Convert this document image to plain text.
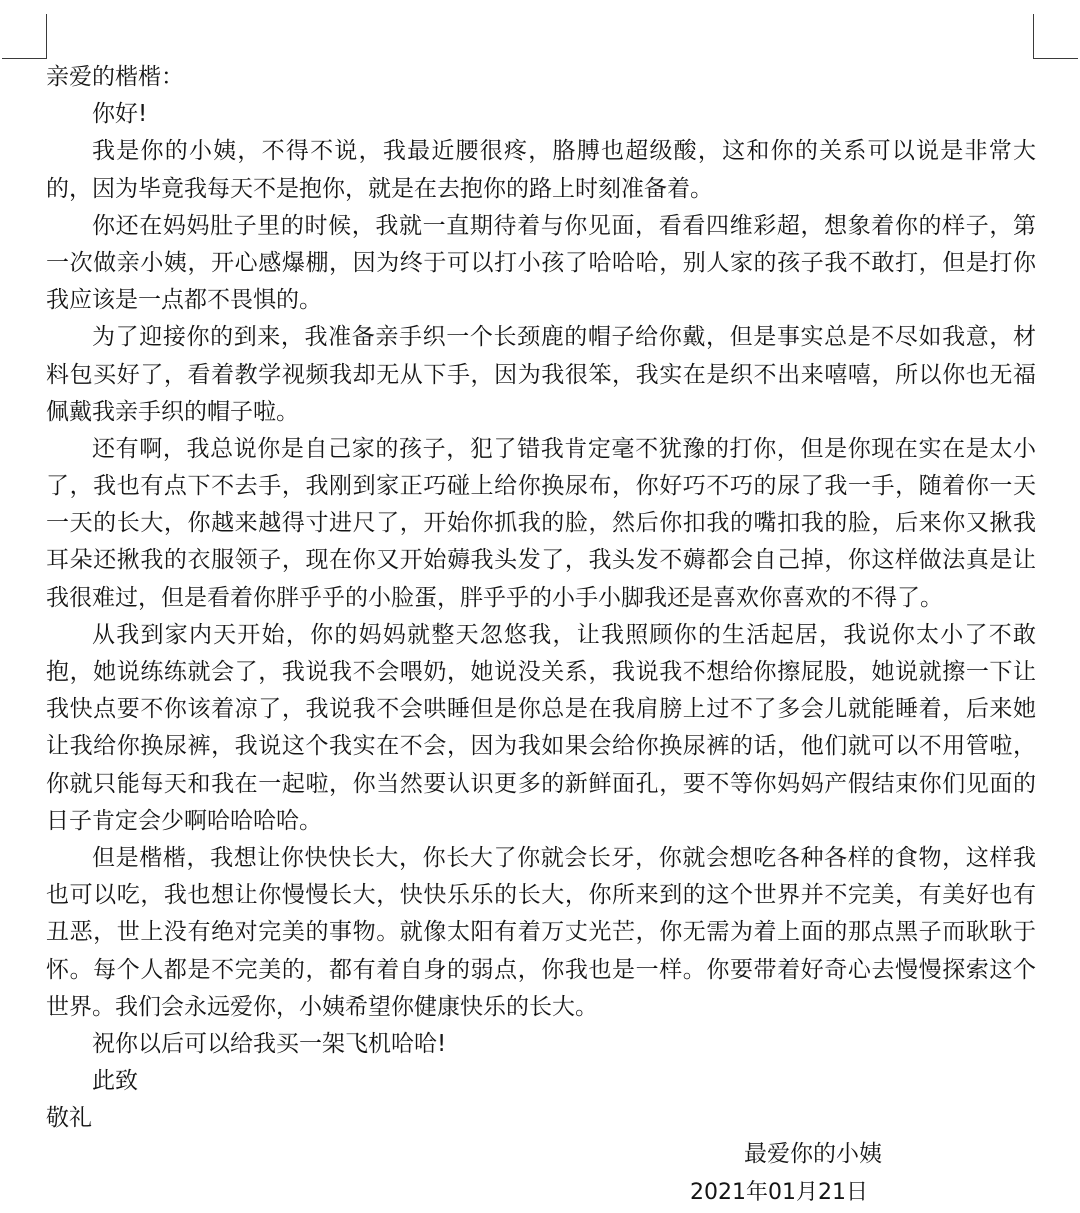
亲爱的楷楷：
你好!
我是你的小姨，不得不说，我最近腰很疼，胳膊也超级酸，这和你的关系可以说是非常大
的，因为毕竟我每天不是抱你，就是在去抱你的路上时刻准备着。
你还在妈妈肚子里的时候，我就一直期待着与你见面，看看四维彩超，想象着你的样子，第
一次做亲小姨，开心感爆棚，因为终于可以打小孩了哈哈哈，别人家的孩子我不敢打，但是打你
我应该是一点都不畏惧的。
为了迎接你的到来，我准备亲手织一个长颈鹿的帽子给你戴，但是事实总是不尽如我意，材
料包买好了，看着教学视频我却无从下手，因为我很笨，我实在是织不出来嘻嘻，所以你也无福
佩戴我亲手织的帽子啦。
还有啊，我总说你是自己家的孩子，犯了错我肯定毫不犹豫的打你，但是你现在实在是太小
了，我也有点下不去手，我刚到家正巧碰上给你换尿布，你好巧不巧的尿了我一手，随着你一天
一天的长大，你越来越得寸进尺了，开始你抓我的脸，然后你扣我的嘴扣我的脸，后来你又揪我
耳朵还揪我的衣服领子，现在你又开始薅我头发了，我头发不薅都会自己掉，你这样做法真是让
我很难过，但是看着你胖乎乎的小脸蛋，胖乎乎的小手小脚我还是喜欢你喜欢的不得了。
从我到家内天开始，你的妈妈就整天忽悠我，让我照顾你的生活起居，我说你太小了不敢
抱，她说练练就会了，我说我不会喂奶，她说没关系，我说我不想给你擦屁股，她说就擦一下让
我快点要不你该着凉了，我说我不会哄睡但是你总是在我肩膀上过不了多会儿就能睡着，后来她
让我给你换尿裤，我说这个我实在不会，因为我如果会给你换尿裤的话，他们就可以不用管啦，
你就只能每天和我在一起啦，你当然要认识更多的新鲜面孔，要不等你妈妈产假结束你们见面的
日子肯定会少啊哈哈哈哈。
但是楷楷，我想让你快快长大，你长大了你就会长牙，你就会想吃各种各样的食物，这样我
也可以吃，我也想让你慢慢长大，快快乐乐的长大，你所来到的这个世界并不完美，有美好也有
丑恶，世上没有绝对完美的事物。就像太阳有着万丈光芒，你无需为着上面的那点黑子而耿耿于
怀。每个人都是不完美的，都有着自身的弱点，你我也是一样。你要带着好奇心去慢慢探索这个
世界。我们会永远爱你，小姨希望你健康快乐的长大。
祝你以后可以给我买一架飞机哈哈!
此致
敬礼
最爱你的小姨
2021年01月21日
